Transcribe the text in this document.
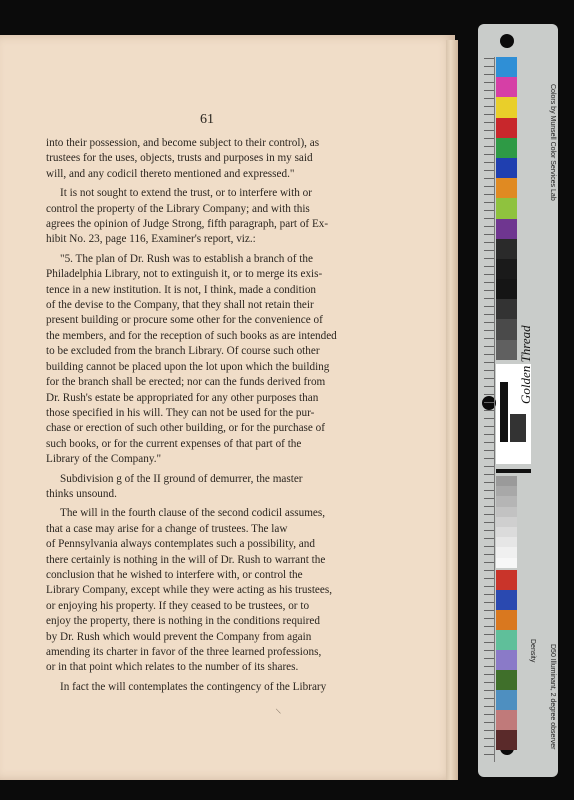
61

into their possession, and become subject to their control), as
trustees for the uses, objects, trusts and purposes in my said
will, and any codicil thereto mentioned and expressed."

It is not sought to extend the trust, or to interfere with or
control the property of the Library Company; and with this
agrees the opinion of Judge Strong, fifth paragraph, part of Ex-
hibit No. 23, page 116, Examiner's report, viz.:

"5. The plan of Dr. Rush was to establish a branch of the
Philadelphia Library, not to extinguish it, or to merge its exis-
tence in a new institution. It is not, I think, made a condition
of the devise to the Company, that they shall not retain their
present building or procure some other for the convenience of
the members, and for the reception of such books as are intended
to be excluded from the branch Library. Of course such other
building cannot be placed upon the lot upon which the building
for the branch shall be erected; nor can the funds derived from
Dr. Rush's estate be appropriated for any other purposes than
those specified in his will. They can not be used for the pur-
chase or erection of such other building, or for the purchase of
such books, or for the current expenses of that part of the
Library of the Company."

Subdivision g of the II ground of demurrer, the master
thinks unsound.

The will in the fourth clause of the second codicil assumes,
that a case may arise for a change of trustees. The law
of Pennsylvania always contemplates such a possibility, and
there certainly is nothing in the will of Dr. Rush to warrant the
conclusion that he wished to interfere with, or control the
Library Company, except while they were acting as his trustees,
or enjoying his property. If they ceased to be trustees, or to
enjoy the property, there is nothing in the conditions required
by Dr. Rush which would prevent the Company from again
amending its charter in favor of the three learned professions,
or in that point which relates to the number of its shares.

In fact the will contemplates the contingency of the Library

\
Golden Thread
Colors by Munsell Color Services Lab
D50 Illuminant, 2 degree observer
Density
